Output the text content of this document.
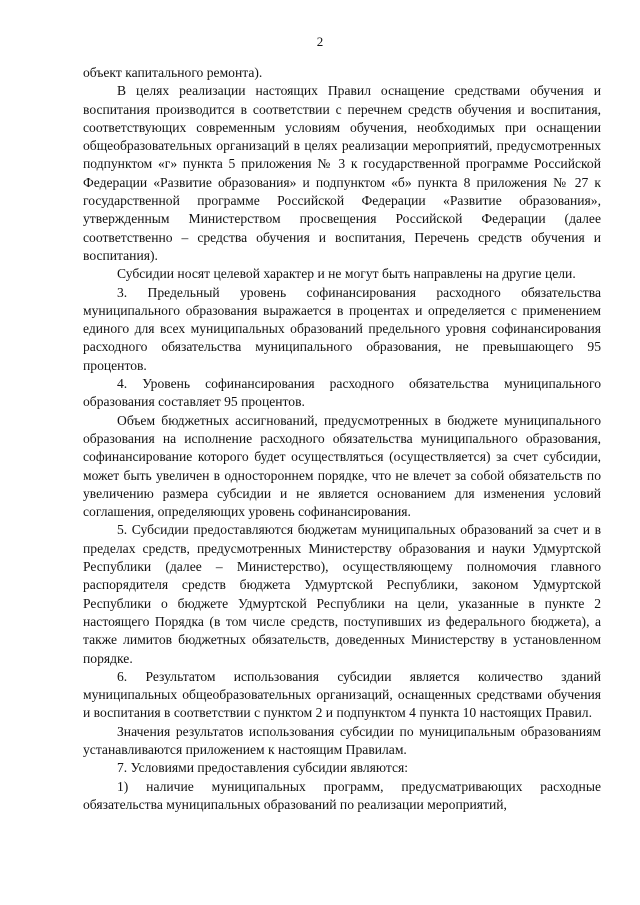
2

объект капитального ремонта).

В целях реализации настоящих Правил оснащение средствами обучения и воспитания производится в соответствии с перечнем средств обучения и воспитания, соответствующих современным условиям обучения, необходимых при оснащении общеобразовательных организаций в целях реализации мероприятий, предусмотренных подпунктом «г» пункта 5 приложения № 3 к государственной программе Российской Федерации «Развитие образования» и подпунктом «б» пункта 8 приложения № 27 к государственной программе Российской Федерации «Развитие образования», утвержденным Министерством просвещения Российской Федерации (далее соответственно – средства обучения и воспитания, Перечень средств обучения и воспитания).

Субсидии носят целевой характер и не могут быть направлены на другие цели.

3. Предельный уровень софинансирования расходного обязательства муниципального образования выражается в процентах и определяется с применением единого для всех муниципальных образований предельного уровня софинансирования расходного обязательства муниципального образования, не превышающего 95 процентов.

4. Уровень софинансирования расходного обязательства муниципального образования составляет 95 процентов.

Объем бюджетных ассигнований, предусмотренных в бюджете муниципального образования на исполнение расходного обязательства муниципального образования, софинансирование которого будет осуществляться (осуществляется) за счет субсидии, может быть увеличен в одностороннем порядке, что не влечет за собой обязательств по увеличению размера субсидии и не является основанием для изменения условий соглашения, определяющих уровень софинансирования.

5. Субсидии предоставляются бюджетам муниципальных образований за счет и в пределах средств, предусмотренных Министерству образования и науки Удмуртской Республики (далее – Министерство), осуществляющему полномочия главного распорядителя средств бюджета Удмуртской Республики, законом Удмуртской Республики о бюджете Удмуртской Республики на цели, указанные в пункте 2 настоящего Порядка (в том числе средств, поступивших из федерального бюджета), а также лимитов бюджетных обязательств, доведенных Министерству в установленном порядке.

6. Результатом использования субсидии является количество зданий муниципальных общеобразовательных организаций, оснащенных средствами обучения и воспитания в соответствии с пунктом 2 и подпунктом 4 пункта 10 настоящих Правил.

Значения результатов использования субсидии по муниципальным образованиям устанавливаются приложением к настоящим Правилам.

7. Условиями предоставления субсидии являются:

1) наличие муниципальных программ, предусматривающих расходные обязательства муниципальных образований по реализации мероприятий,
